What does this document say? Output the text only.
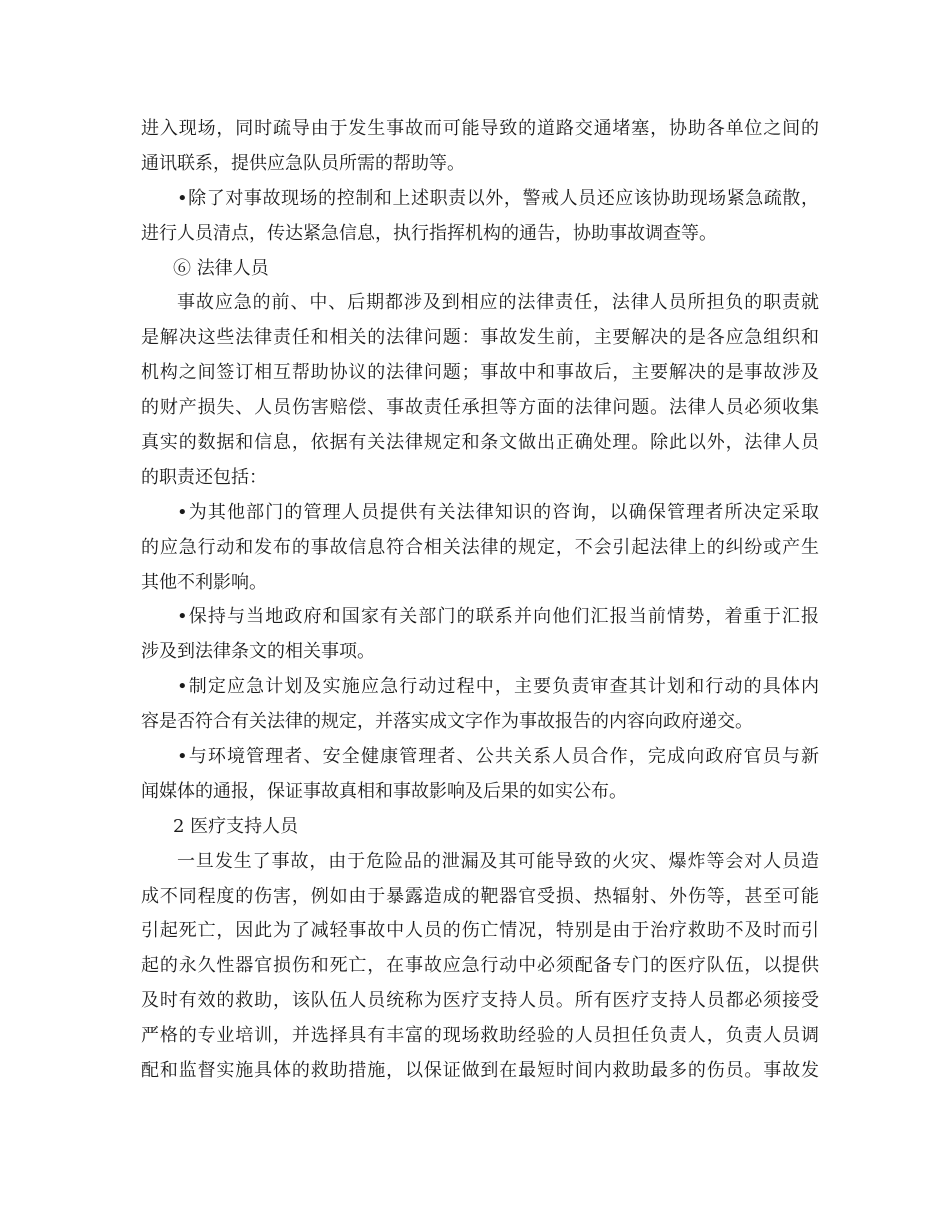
进入现场，同时疏导由于发生事故而可能导致的道路交通堵塞，协助各单位之间的
通讯联系，提供应急队员所需的帮助等。
•除了对事故现场的控制和上述职责以外，警戒人员还应该协助现场紧急疏散，
进行人员清点，传达紧急信息，执行指挥机构的通告，协助事故调查等。
⑥ 法律人员
事故应急的前、中、后期都涉及到相应的法律责任，法律人员所担负的职责就
是解决这些法律责任和相关的法律问题：事故发生前，主要解决的是各应急组织和
机构之间签订相互帮助协议的法律问题；事故中和事故后，主要解决的是事故涉及
的财产损失、人员伤害赔偿、事故责任承担等方面的法律问题。法律人员必须收集
真实的数据和信息，依据有关法律规定和条文做出正确处理。除此以外，法律人员
的职责还包括：
•为其他部门的管理人员提供有关法律知识的咨询，以确保管理者所决定采取
的应急行动和发布的事故信息符合相关法律的规定，不会引起法律上的纠纷或产生
其他不利影响。
•保持与当地政府和国家有关部门的联系并向他们汇报当前情势，着重于汇报
涉及到法律条文的相关事项。
•制定应急计划及实施应急行动过程中，主要负责审查其计划和行动的具体内
容是否符合有关法律的规定，并落实成文字作为事故报告的内容向政府递交。
•与环境管理者、安全健康管理者、公共关系人员合作，完成向政府官员与新
闻媒体的通报，保证事故真相和事故影响及后果的如实公布。
2 医疗支持人员
一旦发生了事故，由于危险品的泄漏及其可能导致的火灾、爆炸等会对人员造
成不同程度的伤害，例如由于暴露造成的靶器官受损、热辐射、外伤等，甚至可能
引起死亡，因此为了减轻事故中人员的伤亡情况，特别是由于治疗救助不及时而引
起的永久性器官损伤和死亡，在事故应急行动中必须配备专门的医疗队伍，以提供
及时有效的救助，该队伍人员统称为医疗支持人员。所有医疗支持人员都必须接受
严格的专业培训，并选择具有丰富的现场救助经验的人员担任负责人，负责人员调
配和监督实施具体的救助措施，以保证做到在最短时间内救助最多的伤员。事故发
